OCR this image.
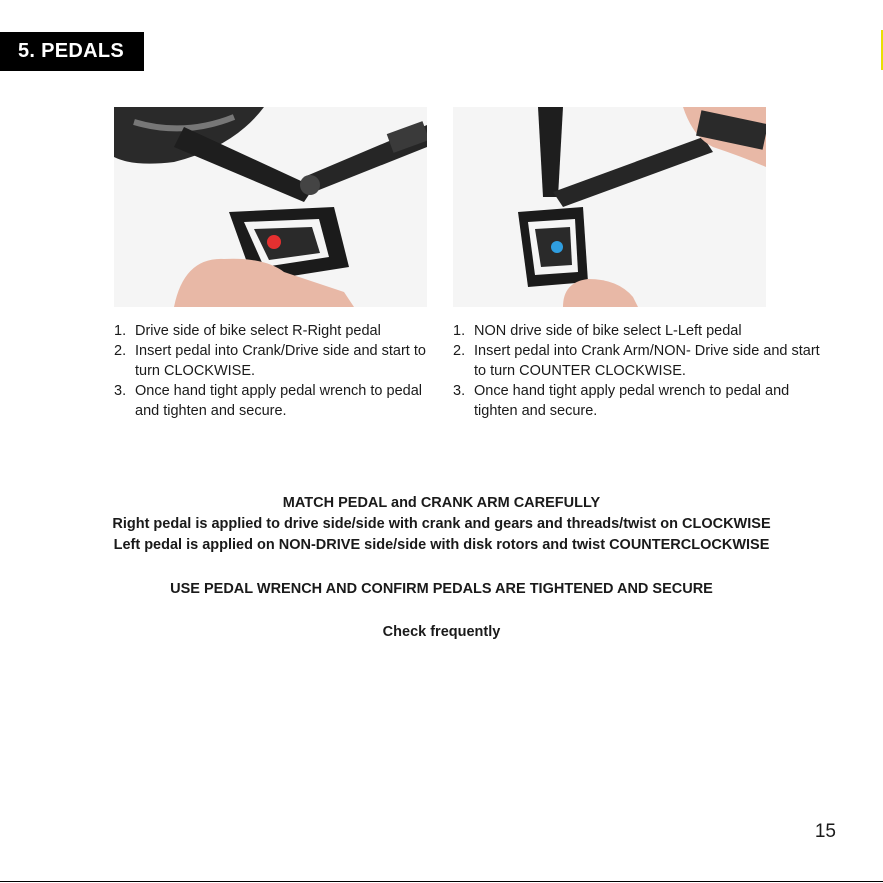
5. PEDALS
1. Drive side of bike select R-Right pedal
2. Insert pedal into Crank/Drive side and start to turn CLOCKWISE.
3. Once hand tight apply pedal wrench to pedal and tighten and secure.
1. NON drive side of bike select L-Left pedal
2. Insert pedal into Crank Arm/NON- Drive side and start to turn COUNTER CLOCKWISE.
3. Once hand tight apply pedal wrench to pedal and tighten and secure.

MATCH PEDAL and CRANK ARM CAREFULLY

Right pedal is applied to drive side/side with crank and gears and threads/twist on CLOCKWISE

Left pedal is applied on NON-DRIVE side/side with disk rotors and twist COUNTERCLOCKWISE

USE PEDAL WRENCH AND CONFIRM PEDALS ARE TIGHTENED AND SECURE

Check frequently

15
